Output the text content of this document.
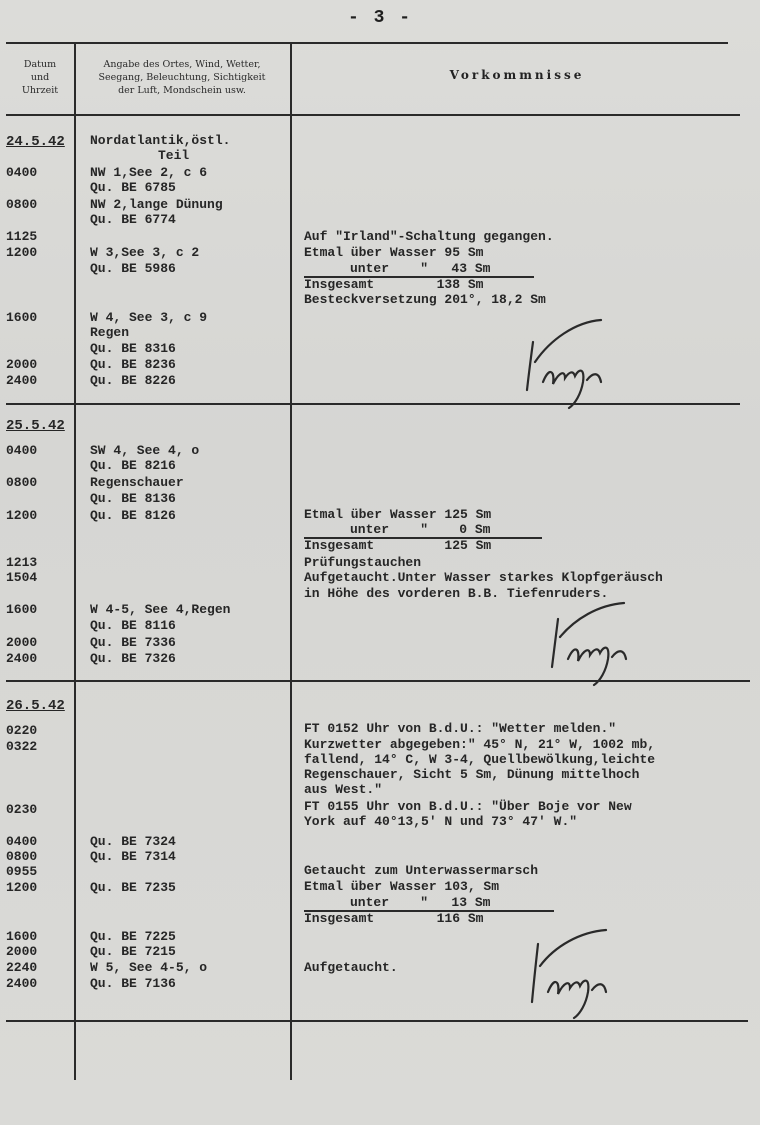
- 3 -
Datum
und
Uhrzeit
Angabe des Ortes, Wind, Wetter,
Seegang, Beleuchtung, Sichtigkeit
der Luft, Mondschein usw.
Vorkommnisse
24.5.42
0400
0800
1125
1200
1600
2000
2400
Nordatlantik,östl.
Teil
NW 1,See 2, c 6
Qu. BE 6785
NW 2,lange Dünung
Qu. BE 6774
W 3,See 3, c 2
Qu. BE 5986
W 4, See 3, c 9
Regen
Qu. BE 8316
Qu. BE 8236
Qu. BE 8226
Auf "Irland"-Schaltung gegangen.
Etmal über Wasser 95 Sm
unter    "   43 Sm
Insgesamt        138 Sm
Besteckversetzung 201°, 18,2 Sm
25.5.42
0400
0800
1200
1213
1504
1600
2000
2400
SW 4, See 4, o
Qu. BE 8216
Regenschauer
Qu. BE 8136
Qu. BE 8126
W 4-5, See 4,Regen
Qu. BE 8116
Qu. BE 7336
Qu. BE 7326
Etmal über Wasser 125 Sm
unter    "    0 Sm
Insgesamt         125 Sm
Prüfungstauchen
Aufgetaucht.Unter Wasser starkes Klopfgeräusch
in Höhe des vorderen B.B. Tiefenruders.
26.5.42
0220
0322
0230
0400
0800
0955
1200
1600
2000
2240
2400
Qu. BE 7324
Qu. BE 7314
Qu. BE 7235
Qu. BE 7225
Qu. BE 7215
W 5, See 4-5, o
Qu. BE 7136
FT 0152 Uhr von B.d.U.: "Wetter melden."
Kurzwetter abgegeben:" 45° N, 21° W, 1002 mb,
fallend, 14° C, W 3-4, Quellbewölkung,leichte
Regenschauer, Sicht 5 Sm, Dünung mittelhoch
aus West."
FT 0155 Uhr von B.d.U.: "Über Boje vor New
York auf 40°13,5' N und 73° 47' W."
Getaucht zum Unterwassermarsch
Etmal über Wasser 103, Sm
unter    "   13 Sm
Insgesamt        116 Sm
Aufgetaucht.
